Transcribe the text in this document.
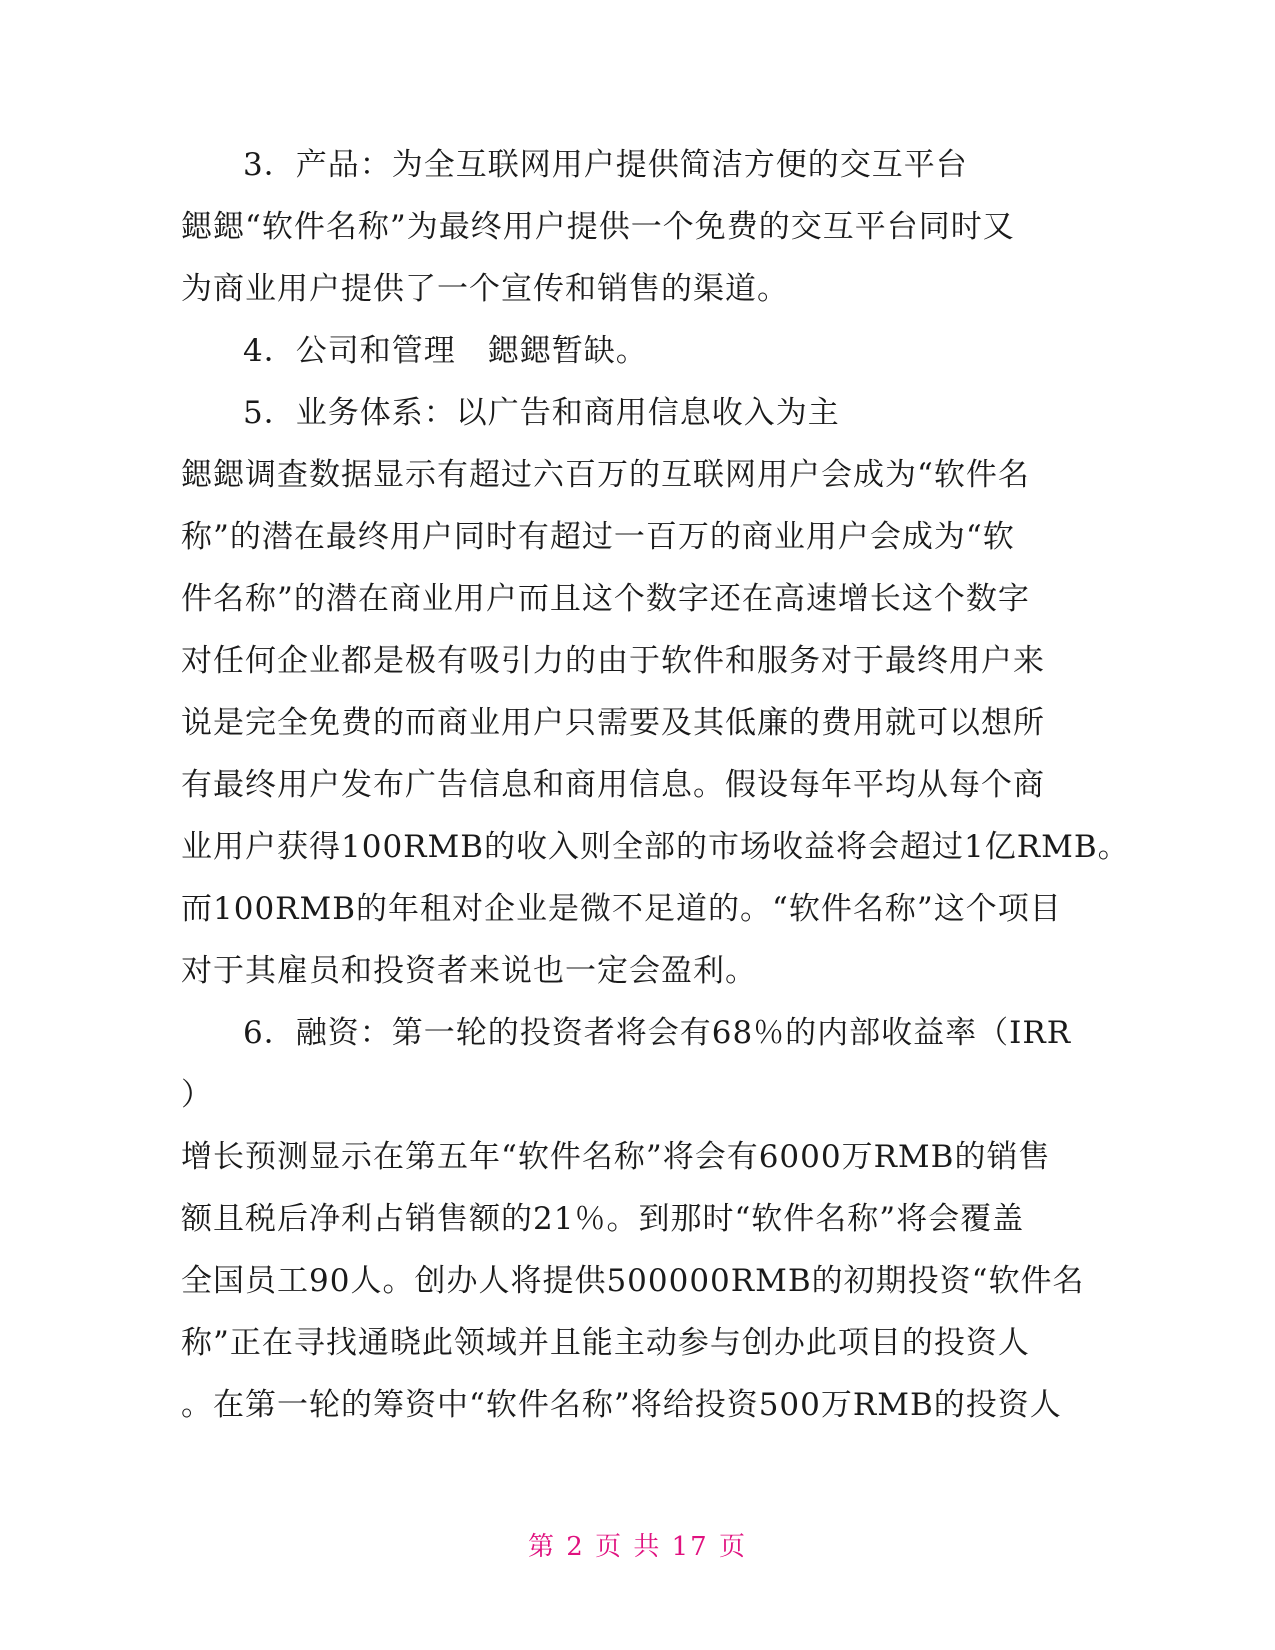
3．产品：为全互联网用户提供简洁方便的交互平台
鍶鍶“软件名称”为最终用户提供一个免费的交互平台同时又
为商业用户提供了一个宣传和销售的渠道。
4．公司和管理　鍶鍶暂缺。
5．业务体系：以广告和商用信息收入为主
鍶鍶调查数据显示有超过六百万的互联网用户会成为“软件名
称”的潜在最终用户同时有超过一百万的商业用户会成为“软
件名称”的潜在商业用户而且这个数字还在高速增长这个数字
对任何企业都是极有吸引力的由于软件和服务对于最终用户来
说是完全免费的而商业用户只需要及其低廉的费用就可以想所
有最终用户发布广告信息和商用信息。假设每年平均从每个商
业用户获得100RMB的收入则全部的市场收益将会超过1亿RMB。
而100RMB的年租对企业是微不足道的。“软件名称”这个项目
对于其雇员和投资者来说也一定会盈利。
6．融资：第一轮的投资者将会有68％的内部收益率（IRR
）
增长预测显示在第五年“软件名称”将会有6000万RMB的销售
额且税后净利占销售额的21％。到那时“软件名称”将会覆盖
全国员工90人。创办人将提供500000RMB的初期投资“软件名
称”正在寻找通晓此领域并且能主动参与创办此项目的投资人
。在第一轮的筹资中“软件名称”将给投资500万RMB的投资人
第 2 页 共 17 页
